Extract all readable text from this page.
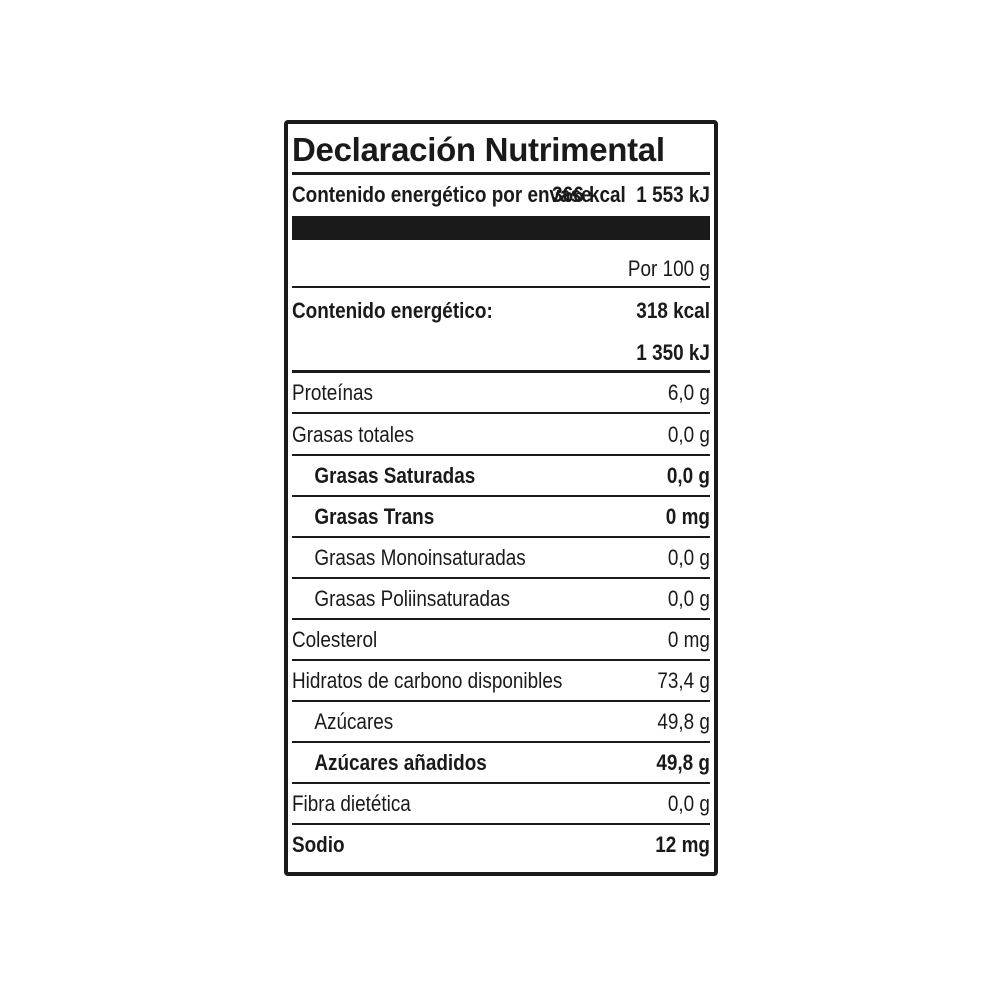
Declaración Nutrimental
Contenido energético por envase
366 kcal  1 553 kJ
Por 100 g
Contenido energético:	318 kcal
1 350 kJ
Proteínas	6,0 g
Grasas totales	0,0 g
Grasas Saturadas	0,0 g
Grasas Trans	0 mg
Grasas Monoinsaturadas	0,0 g
Grasas Poliinsaturadas	0,0 g
Colesterol	0 mg
Hidratos de carbono disponibles	73,4 g
Azúcares	49,8 g
Azúcares añadidos	49,8 g
Fibra dietética	0,0 g
Sodio	12 mg
